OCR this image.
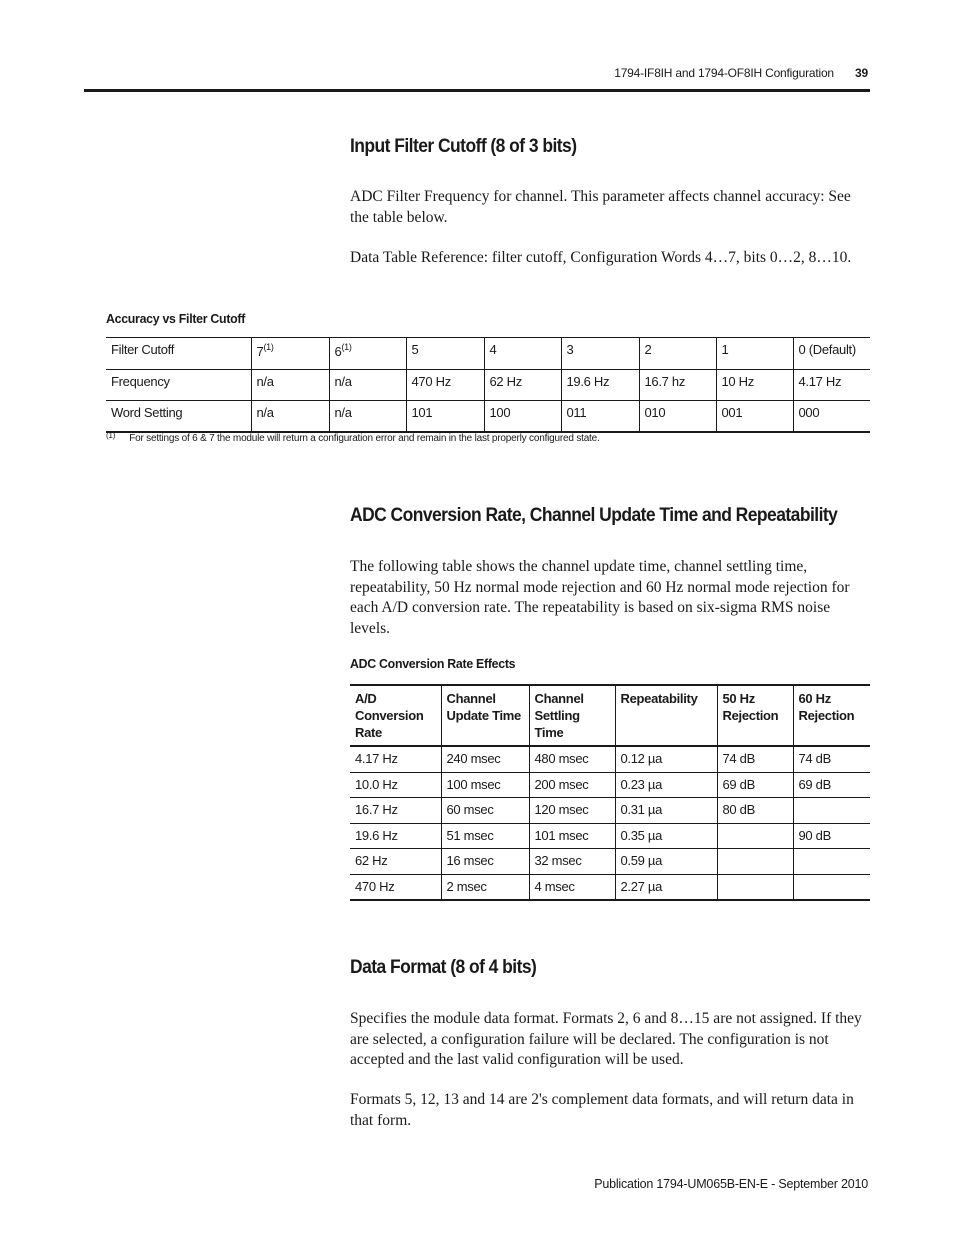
1794-IF8IH and 1794-OF8IH Configuration 39
Input Filter Cutoff (8 of 3 bits)

ADC Filter Frequency for channel. This parameter affects channel accuracy: See the table below.

Data Table Reference: filter cutoff, Configuration Words 4…7, bits 0…2, 8…10.

Accuracy vs Filter Cutoff
Filter Cutoff	7$^{(1)}$	6$^{(1)}$	5	4	3	2	1	0 (Default)
Frequency	n/a	n/a	470 Hz	62 Hz	19.6 Hz	16.7 hz	10 Hz	4.17 Hz
Word Setting	n/a	n/a	101	100	011	010	001	000
$^{(1)}$ For settings of 6 & 7 the module will return a configuration error and remain in the last properly configured state.
ADC Conversion Rate, Channel Update Time and Repeatability

The following table shows the channel update time, channel settling time, repeatability, 50 Hz normal mode rejection and 60 Hz normal mode rejection for each A/D conversion rate. The repeatability is based on six-sigma RMS noise levels.

ADC Conversion Rate Effects
A/D Conversion Rate	Channel Update Time	Channel Settling Time	Repeatability	50 Hz Rejection	60 Hz Rejection
4.17 Hz	240 msec	480 msec	0.12 µa	74 dB	74 dB
10.0 Hz	100 msec	200 msec	0.23 µa	69 dB	69 dB
16.7 Hz	60 msec	120 msec	0.31 µa	80 dB	
19.6 Hz	51 msec	101 msec	0.35 µa		90 dB
62 Hz	16 msec	32 msec	0.59 µa		
470 Hz	2 msec	4 msec	2.27 µa		
Data Format (8 of 4 bits)

Specifies the module data format. Formats 2, 6 and 8…15 are not assigned. If they are selected, a configuration failure will be declared. The configuration is not accepted and the last valid configuration will be used.

Formats 5, 12, 13 and 14 are 2's complement data formats, and will return data in that form.

Publication 1794-UM065B-EN-E - September 2010
